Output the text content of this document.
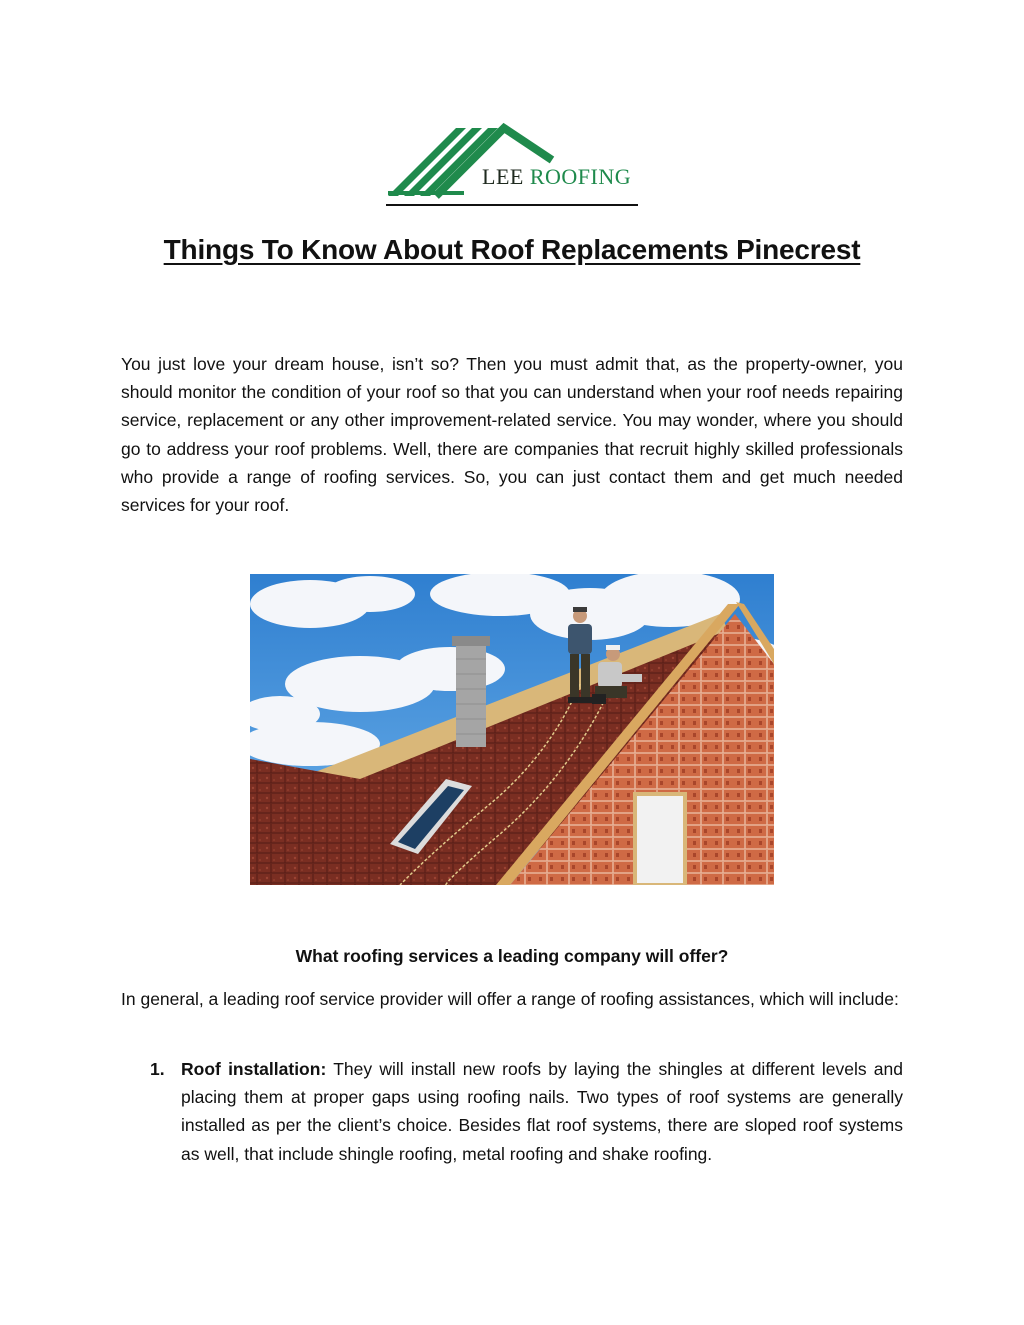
LEE ROOFING
Things To Know About Roof Replacements Pinecrest

You just love your dream house, isn’t so? Then you must admit that, as the property-owner, you should monitor the condition of your roof so that you can understand when your roof needs repairing service, replacement or any other improvement-related service. You may wonder, where you should go to address your roof problems. Well, there are companies that recruit highly skilled professionals who provide a range of roofing services. So, you can just contact them and get much needed services for your roof.

What roofing services a leading company will offer?

In general, a leading roof service provider will offer a range of roofing assistances, which will include:

1. Roof installation: They will install new roofs by laying the shingles at different levels and placing them at proper gaps using roofing nails. Two types of roof systems are generally installed as per the client’s choice. Besides flat roof systems, there are sloped roof systems as well, that include shingle roofing, metal roofing and shake roofing.
